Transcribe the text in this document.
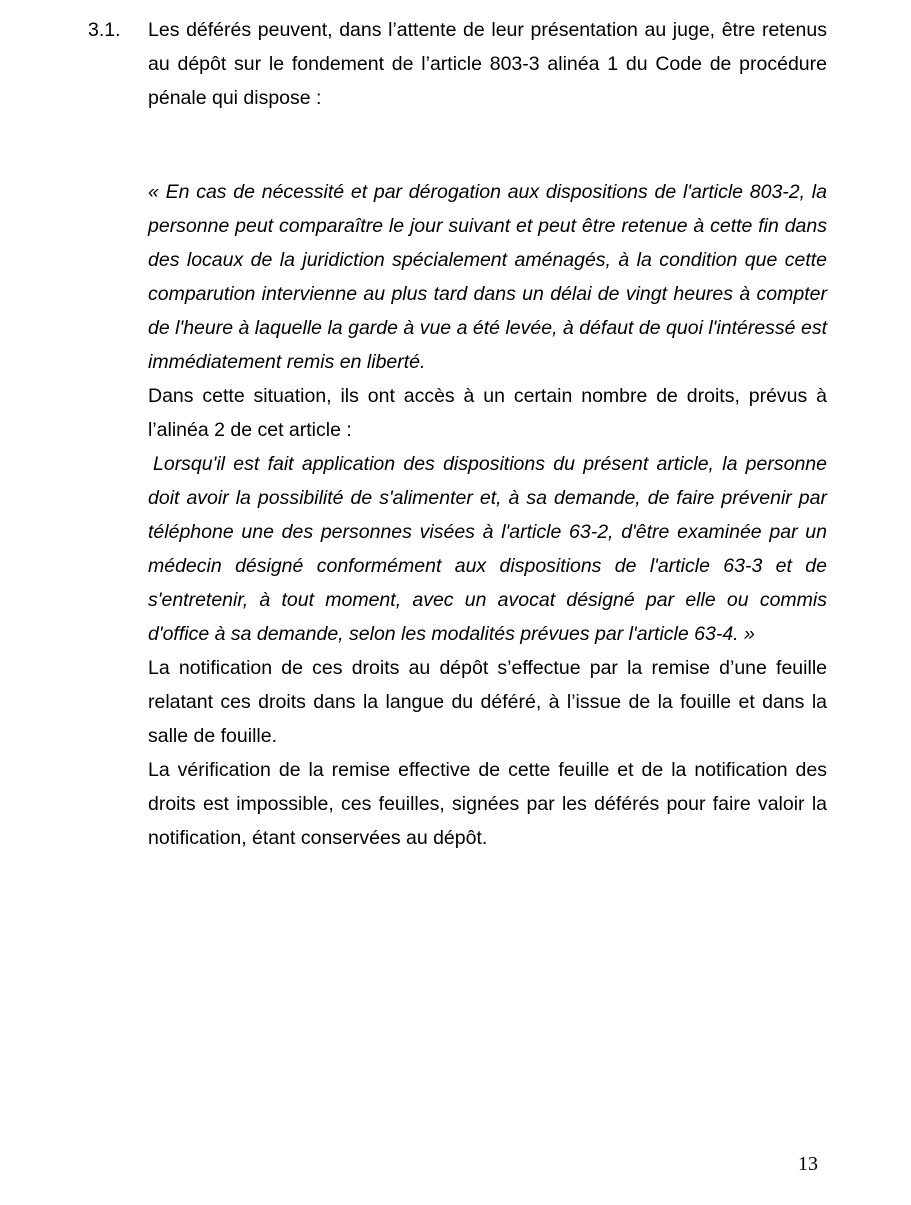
3.1. Les déférés peuvent, dans l’attente de leur présentation au juge, être retenus au dépôt sur le fondement de l’article 803-3 alinéa 1 du Code de procédure pénale qui dispose :

« En cas de nécessité et par dérogation aux dispositions de l'article 803-2, la personne peut comparaître le jour suivant et peut être retenue à cette fin dans des locaux de la juridiction spécialement aménagés, à la condition que cette comparution intervienne au plus tard dans un délai de vingt heures à compter de l'heure à laquelle la garde à vue a été levée, à défaut de quoi l'intéressé est immédiatement remis en liberté.

Dans cette situation, ils ont accès à un certain nombre de droits, prévus à l’alinéa 2 de cet article :

Lorsqu'il est fait application des dispositions du présent article, la personne doit avoir la possibilité de s'alimenter et, à sa demande, de faire prévenir par téléphone une des personnes visées à l'article 63-2, d'être examinée par un médecin désigné conformément aux dispositions de l'article 63-3 et de s'entretenir, à tout moment, avec un avocat désigné par elle ou commis d'office à sa demande, selon les modalités prévues par l'article 63-4. »

La notification de ces droits au dépôt s’effectue par la remise d’une feuille relatant ces droits dans la langue du déféré, à l’issue de la fouille et dans la salle de fouille.

La vérification de la remise effective de cette feuille et de la notification des droits est impossible, ces feuilles, signées par les déférés pour faire valoir la notification, étant conservées au dépôt.

13
